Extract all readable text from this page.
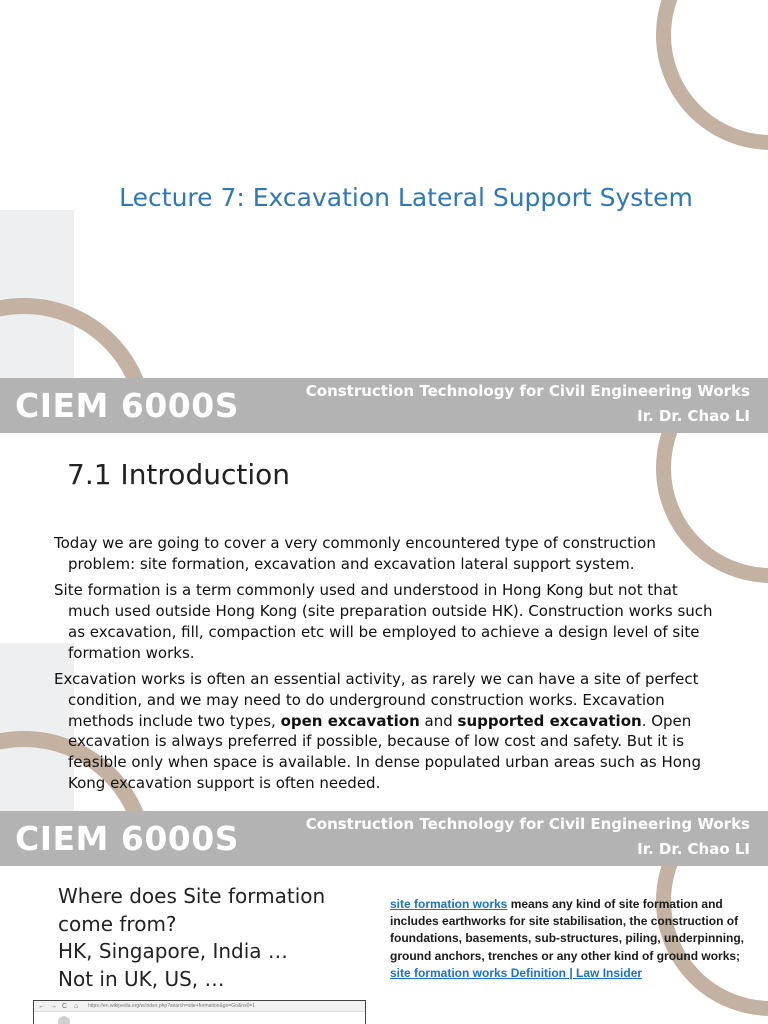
Lecture 7: Excavation Lateral Support System
CIEM 6000S	Construction Technology for Civil Engineering Works
Ir. Dr. Chao LI
7.1 Introduction

Today we are going to cover a very commonly encountered type of construction problem: site formation, excavation and excavation lateral support system.

Site formation is a term commonly used and understood in Hong Kong but not that much used outside Hong Kong (site preparation outside HK). Construction works such as excavation, fill, compaction etc will be employed to achieve a design level of site formation works.

Excavation works is often an essential activity, as rarely we can have a site of perfect condition, and we may need to do underground construction works. Excavation methods include two types, open excavation and supported excavation. Open excavation is always preferred if possible, because of low cost and safety. But it is feasible only when space is available. In dense populated urban areas such as Hong Kong excavation support is often needed.

CIEM 6000S	Construction Technology for Civil Engineering Works
Ir. Dr. Chao LI
Where does Site formation
come from?
HK, Singapore, India …
Not in UK, US, …
site formation works means any kind of site formation and includes earthworks for site stabilisation, the construction of foundations, basements, sub-structures, piling, underpinning, ground anchors, trenches or any other kind of ground works;
site formation works Definition | Law Insider
← → C ⌂ https://en.wikipedia.org/w/index.php?search=site+formation&go=Go&ns0=1
